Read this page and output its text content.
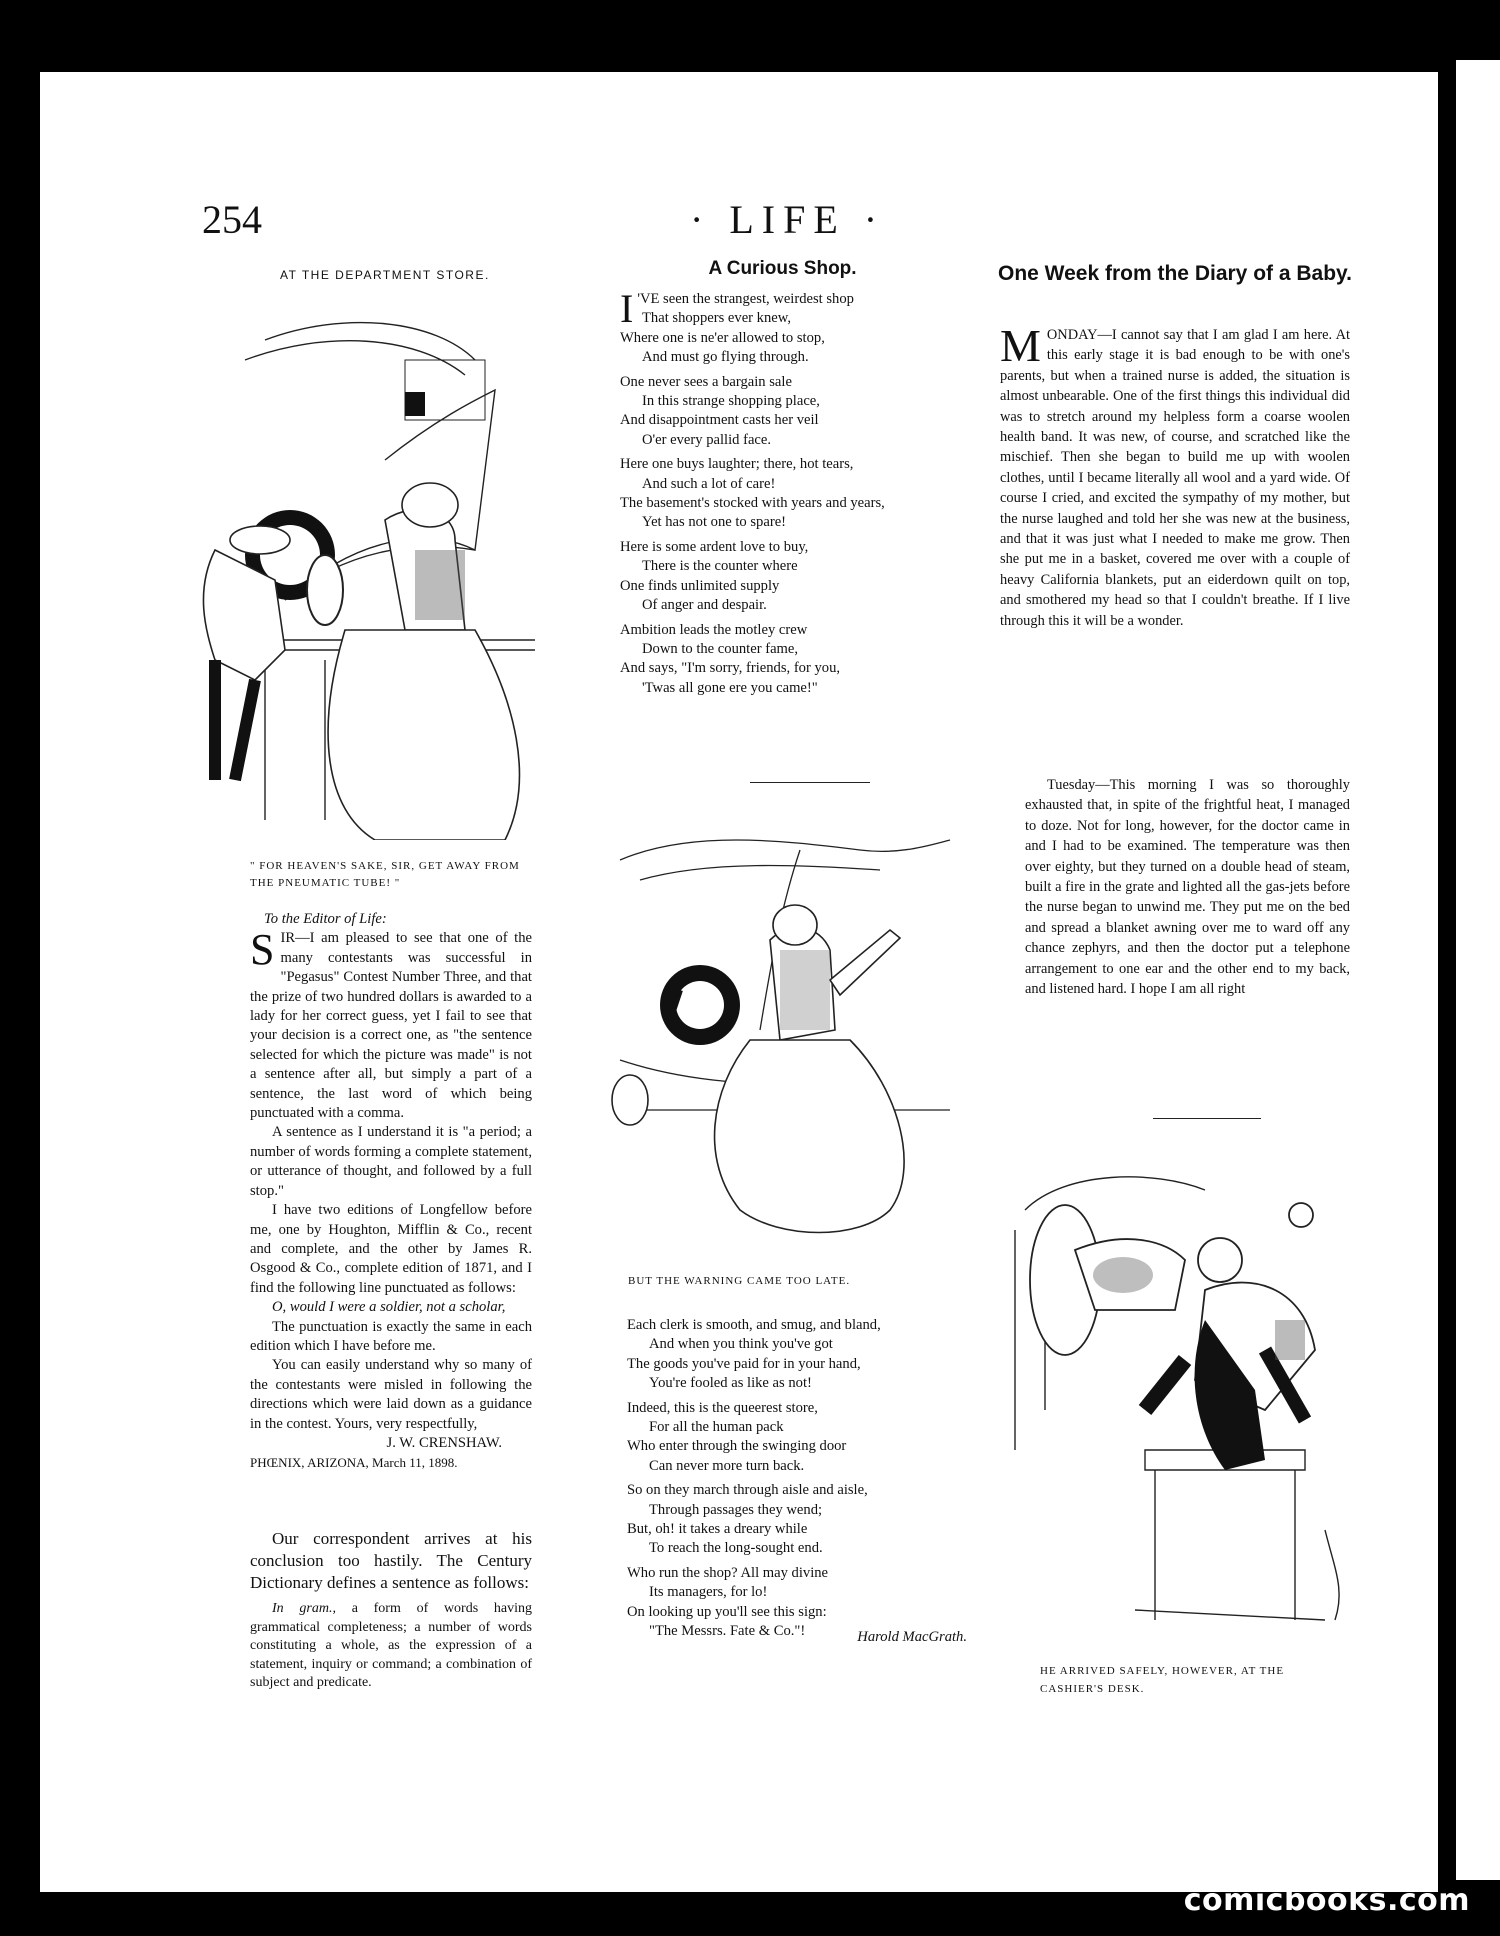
254	· LIFE ·
AT THE DEPARTMENT STORE.
" FOR HEAVEN'S SAKE, SIR, GET AWAY FROM THE PNEUMATIC TUBE! "

To the Editor of Life:

SIR—I am pleased to see that one of the many contestants was successful in "Pegasus" Contest Number Three, and that the prize of two hundred dollars is awarded to a lady for her correct guess, yet I fail to see that your decision is a correct one, as "the sentence selected for which the picture was made" is not a sentence after all, but simply a part of a sentence, the last word of which being punctuated with a comma.

A sentence as I understand it is "a period; a number of words forming a complete statement, or utterance of thought, and followed by a full stop."

I have two editions of Longfellow before me, one by Houghton, Mifflin & Co., recent and complete, and the other by James R. Osgood & Co., complete edition of 1871, and I find the following line punctuated as follows:

O, would I were a soldier, not a scholar,

The punctuation is exactly the same in each edition which I have before me.

You can easily understand why so many of the contestants were misled in following the directions which were laid down as a guidance in the contest. Yours, very respectfully,

J. W. CRENSHAW.

PHŒNIX, ARIZONA, March 11, 1898.

Our correspondent arrives at his conclusion too hastily. The Century Dictionary defines a sentence as follows:

In gram., a form of words having grammatical completeness; a number of words constituting a whole, as the expression of a statement, inquiry or command; a combination of subject and predicate.

A Curious Shop.

I 'VE seen the strangest, weirdest shop

That shoppers ever knew,

Where one is ne'er allowed to stop,

And must go flying through.

One never sees a bargain sale

In this strange shopping place,

And disappointment casts her veil

O'er every pallid face.

Here one buys laughter; there, hot tears,

And such a lot of care!

The basement's stocked with years and years,

Yet has not one to spare!

Here is some ardent love to buy,

There is the counter where

One finds unlimited supply

Of anger and despair.

Ambition leads the motley crew

Down to the counter fame,

And says, "I'm sorry, friends, for you,

'Twas all gone ere you came!"

BUT THE WARNING CAME TOO LATE.

Each clerk is smooth, and smug, and bland,

And when you think you've got

The goods you've paid for in your hand,

You're fooled as like as not!

Indeed, this is the queerest store,

For all the human pack

Who enter through the swinging door

Can never more turn back.

So on they march through aisle and aisle,

Through passages they wend;

But, oh! it takes a dreary while

To reach the long-sought end.

Who run the shop? All may divine

Its managers, for lo!

On looking up you'll see this sign:

"The Messrs. Fate & Co."!	Harold MacGrath.

One Week from the Diary of a Baby.

MONDAY—I cannot say that I am glad I am here. At this early stage it is bad enough to be with one's parents, but when a trained nurse is added, the situation is almost unbearable. One of the first things this individual did was to stretch around my helpless form a coarse woolen health band. It was new, of course, and scratched like the mischief. Then she began to build me up with woolen clothes, until I became literally all wool and a yard wide. Of course I cried, and excited the sympathy of my mother, but the nurse laughed and told her she was new at the business, and that it was just what I needed to make me grow. Then she put me in a basket, covered me over with a couple of heavy California blankets, put an eiderdown quilt on top, and smothered my head so that I couldn't breathe. If I live through this it will be a wonder.

Tuesday—This morning I was so thoroughly exhausted that, in spite of the frightful heat, I managed to doze. Not for long, however, for the doctor came in and I had to be examined. The temperature was then over eighty, but they turned on a double head of steam, built a fire in the grate and lighted all the gas-jets before the nurse began to unwind me. They put me on the bed and spread a blanket awning over me to ward off any chance zephyrs, and then the doctor put a telephone arrangement to one ear and the other end to my back, and listened hard. I hope I am all right

HE ARRIVED SAFELY, HOWEVER, AT THE CASHIER'S DESK.
comicbooks.com
